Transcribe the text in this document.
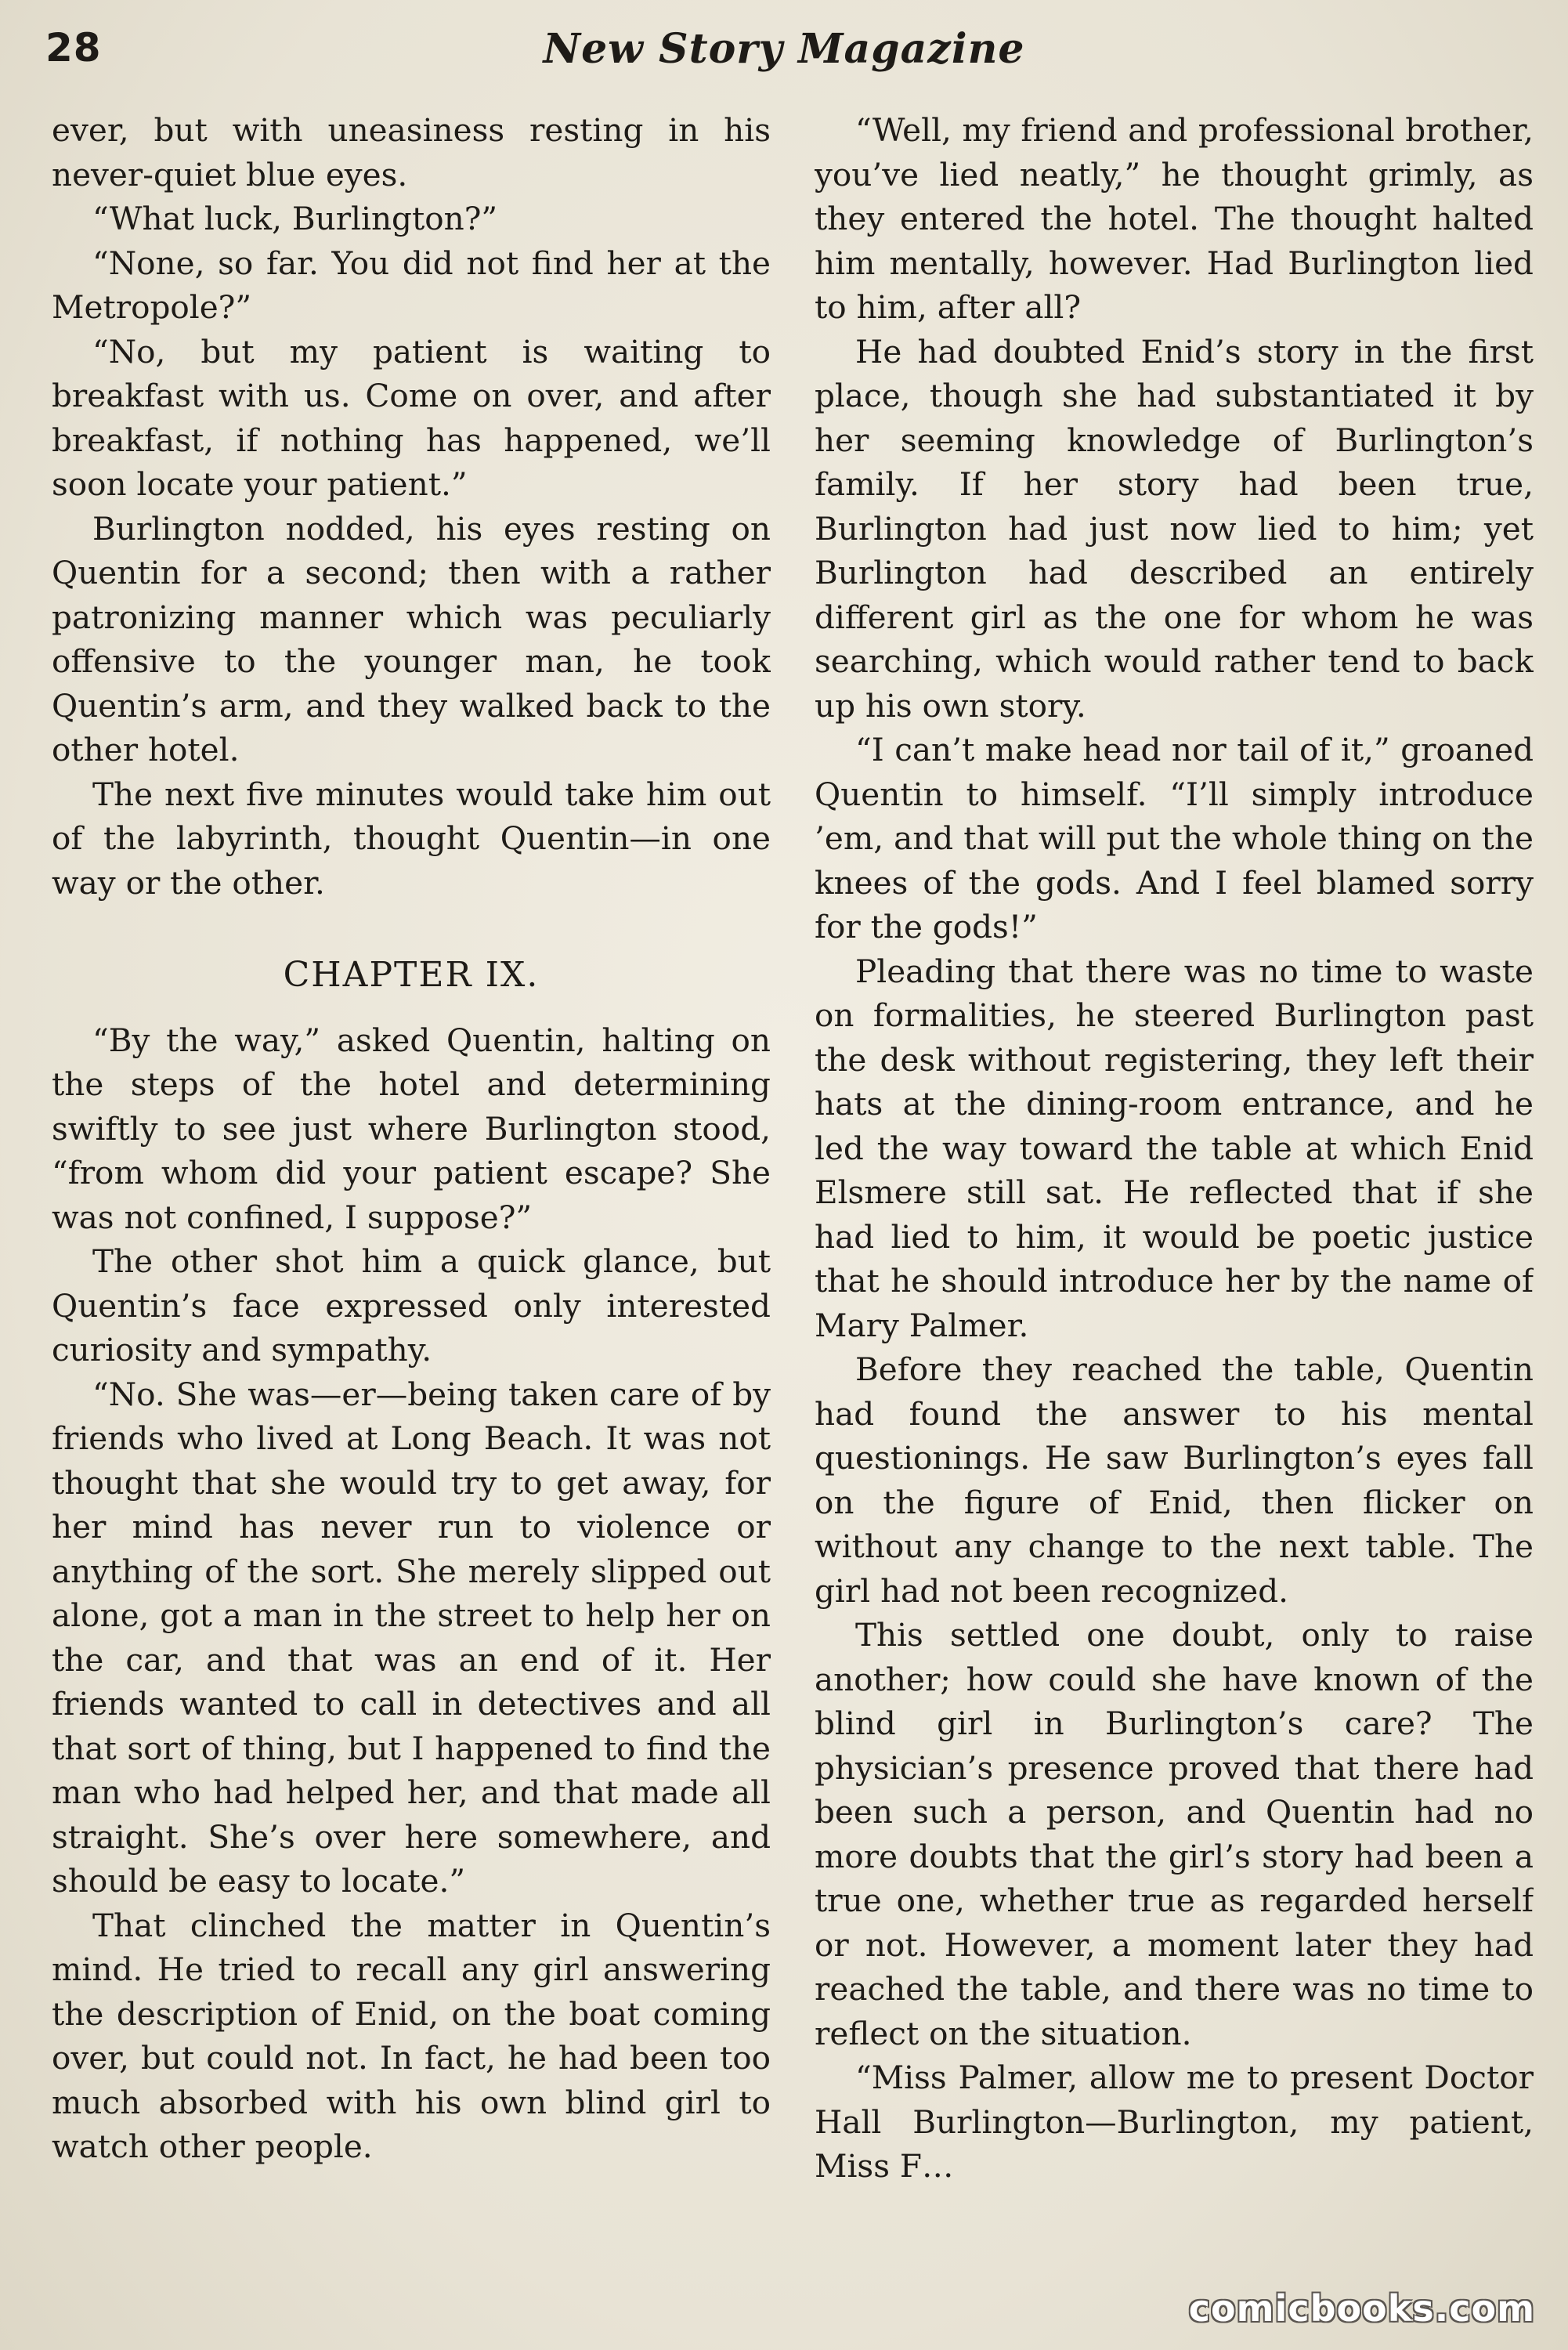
28	New Story Magazine

ever, but with uneasiness resting in his never-quiet blue eyes.

“What luck, Burlington?”

“None, so far. You did not find her at the Metropole?”

“No, but my patient is waiting to breakfast with us. Come on over, and after breakfast, if nothing has happened, we’ll soon locate your patient.”

Burlington nodded, his eyes resting on Quentin for a second; then with a rather patronizing manner which was peculiarly offensive to the younger man, he took Quentin’s arm, and they walked back to the other hotel.

The next five minutes would take him out of the labyrinth, thought Quentin—in one way or the other.

CHAPTER IX.

“By the way,” asked Quentin, halting on the steps of the hotel and determining swiftly to see just where Burlington stood, “from whom did your patient escape? She was not confined, I suppose?”

The other shot him a quick glance, but Quentin’s face expressed only interested curiosity and sympathy.

“No. She was—er—being taken care of by friends who lived at Long Beach. It was not thought that she would try to get away, for her mind has never run to violence or anything of the sort. She merely slipped out alone, got a man in the street to help her on the car, and that was an end of it. Her friends wanted to call in detectives and all that sort of thing, but I happened to find the man who had helped her, and that made all straight. She’s over here somewhere, and should be easy to locate.”

That clinched the matter in Quentin’s mind. He tried to recall any girl answering the description of Enid, on the boat coming over, but could not. In fact, he had been too much absorbed with his own blind girl to watch other people.

“Well, my friend and professional brother, you’ve lied neatly,” he thought grimly, as they entered the hotel. The thought halted him mentally, however. Had Burlington lied to him, after all?

He had doubted Enid’s story in the first place, though she had substantiated it by her seeming knowledge of Burlington’s family. If her story had been true, Burlington had just now lied to him; yet Burlington had described an entirely different girl as the one for whom he was searching, which would rather tend to back up his own story.

“I can’t make head nor tail of it,” groaned Quentin to himself. “I’ll simply introduce ’em, and that will put the whole thing on the knees of the gods. And I feel blamed sorry for the gods!”

Pleading that there was no time to waste on formalities, he steered Burlington past the desk without registering, they left their hats at the dining-room entrance, and he led the way toward the table at which Enid Elsmere still sat. He reflected that if she had lied to him, it would be poetic justice that he should introduce her by the name of Mary Palmer.

Before they reached the table, Quentin had found the answer to his mental questionings. He saw Burlington’s eyes fall on the figure of Enid, then flicker on without any change to the next table. The girl had not been recognized.

This settled one doubt, only to raise another; how could she have known of the blind girl in Burlington’s care? The physician’s presence proved that there had been such a person, and Quentin had no more doubts that the girl’s story had been a true one, whether true as regarded herself or not. However, a moment later they had reached the table, and there was no time to reflect on the situation.

“Miss Palmer, allow me to present Doctor Hall Burlington—Burlington, my patient, Miss F…

comicbooks.com
